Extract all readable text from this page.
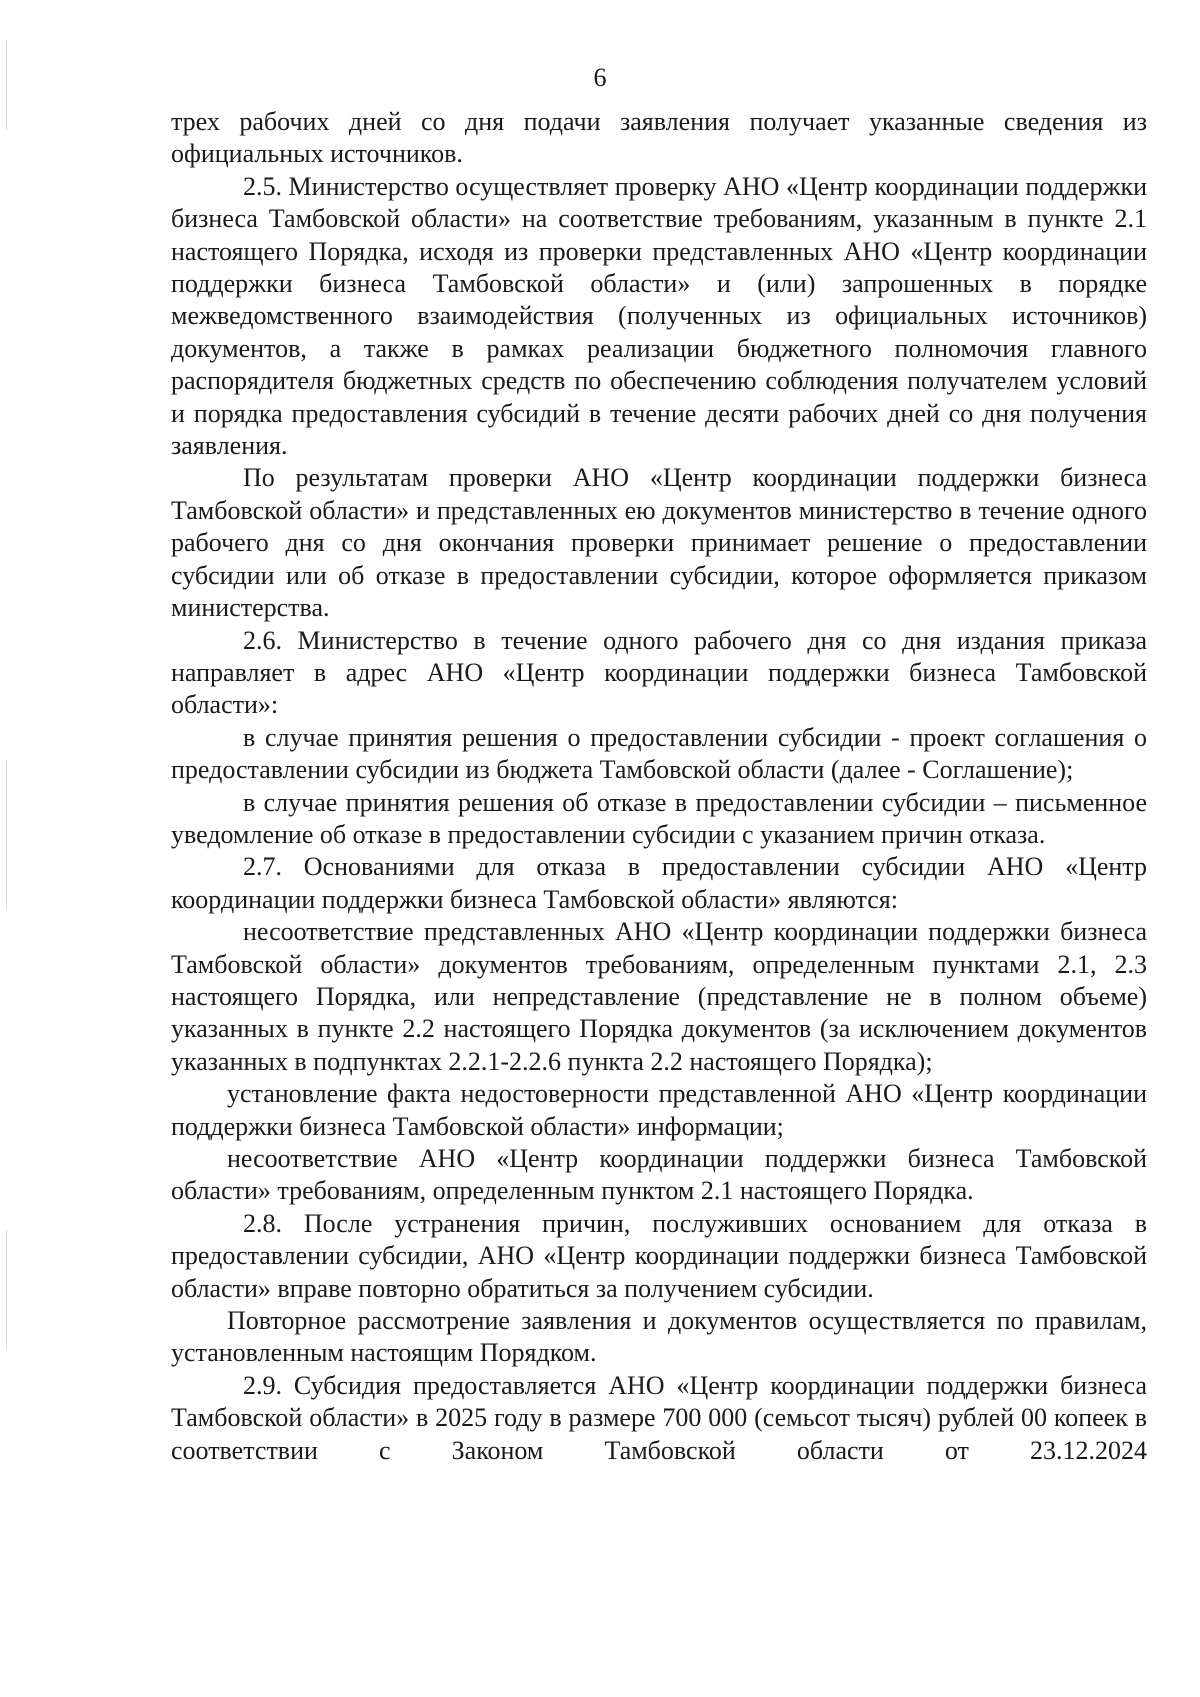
6

трех рабочих дней со дня подачи заявления получает указанные сведения из официальных источников.

2.5. Министерство осуществляет проверку АНО «Центр координации поддержки бизнеса Тамбовской области» на соответствие требованиям, указанным в пункте 2.1 настоящего Порядка, исходя из проверки представленных АНО «Центр координации поддержки бизнеса Тамбовской области» и (или) запрошенных в порядке межведомственного взаимодействия (полученных из официальных источников) документов, а также в рамках реализации бюджетного полномочия главного распорядителя бюджетных средств по обеспечению соблюдения получателем условий и порядка предоставления субсидий в течение десяти рабочих дней со дня получения заявления.

По результатам проверки АНО «Центр координации поддержки бизнеса Тамбовской области» и представленных ею документов министерство в течение одного рабочего дня со дня окончания проверки принимает решение о предоставлении субсидии или об отказе в предоставлении субсидии, которое оформляется приказом министерства.

2.6. Министерство в течение одного рабочего дня со дня издания приказа направляет в адрес АНО «Центр координации поддержки бизнеса Тамбовской области»:

в случае принятия решения о предоставлении субсидии - проект соглашения о предоставлении субсидии из бюджета Тамбовской области (далее - Соглашение);

в случае принятия решения об отказе в предоставлении субсидии – письменное уведомление об отказе в предоставлении субсидии с указанием причин отказа.

2.7. Основаниями для отказа в предоставлении субсидии АНО «Центр координации поддержки бизнеса Тамбовской области» являются:

несоответствие представленных АНО «Центр координации поддержки бизнеса Тамбовской области» документов требованиям, определенным пунктами 2.1, 2.3 настоящего Порядка, или непредставление (представление не в полном объеме) указанных в пункте 2.2 настоящего Порядка документов (за исключением документов указанных в подпунктах 2.2.1-2.2.6 пункта 2.2 настоящего Порядка);

установление факта недостоверности представленной АНО «Центр координации поддержки бизнеса Тамбовской области» информации;

несоответствие АНО «Центр координации поддержки бизнеса Тамбовской области» требованиям, определенным пунктом 2.1 настоящего Порядка.

2.8. После устранения причин, послуживших основанием для отказа в предоставлении субсидии, АНО «Центр координации поддержки бизнеса Тамбовской области» вправе повторно обратиться за получением субсидии.

Повторное рассмотрение заявления и документов осуществляется по правилам, установленным настоящим Порядком.

2.9. Субсидия предоставляется АНО «Центр координации поддержки бизнеса Тамбовской области» в 2025 году в размере 700 000 (семьсот тысяч) рублей 00 копеек в соответствии с Законом Тамбовской области от 23.12.2024
